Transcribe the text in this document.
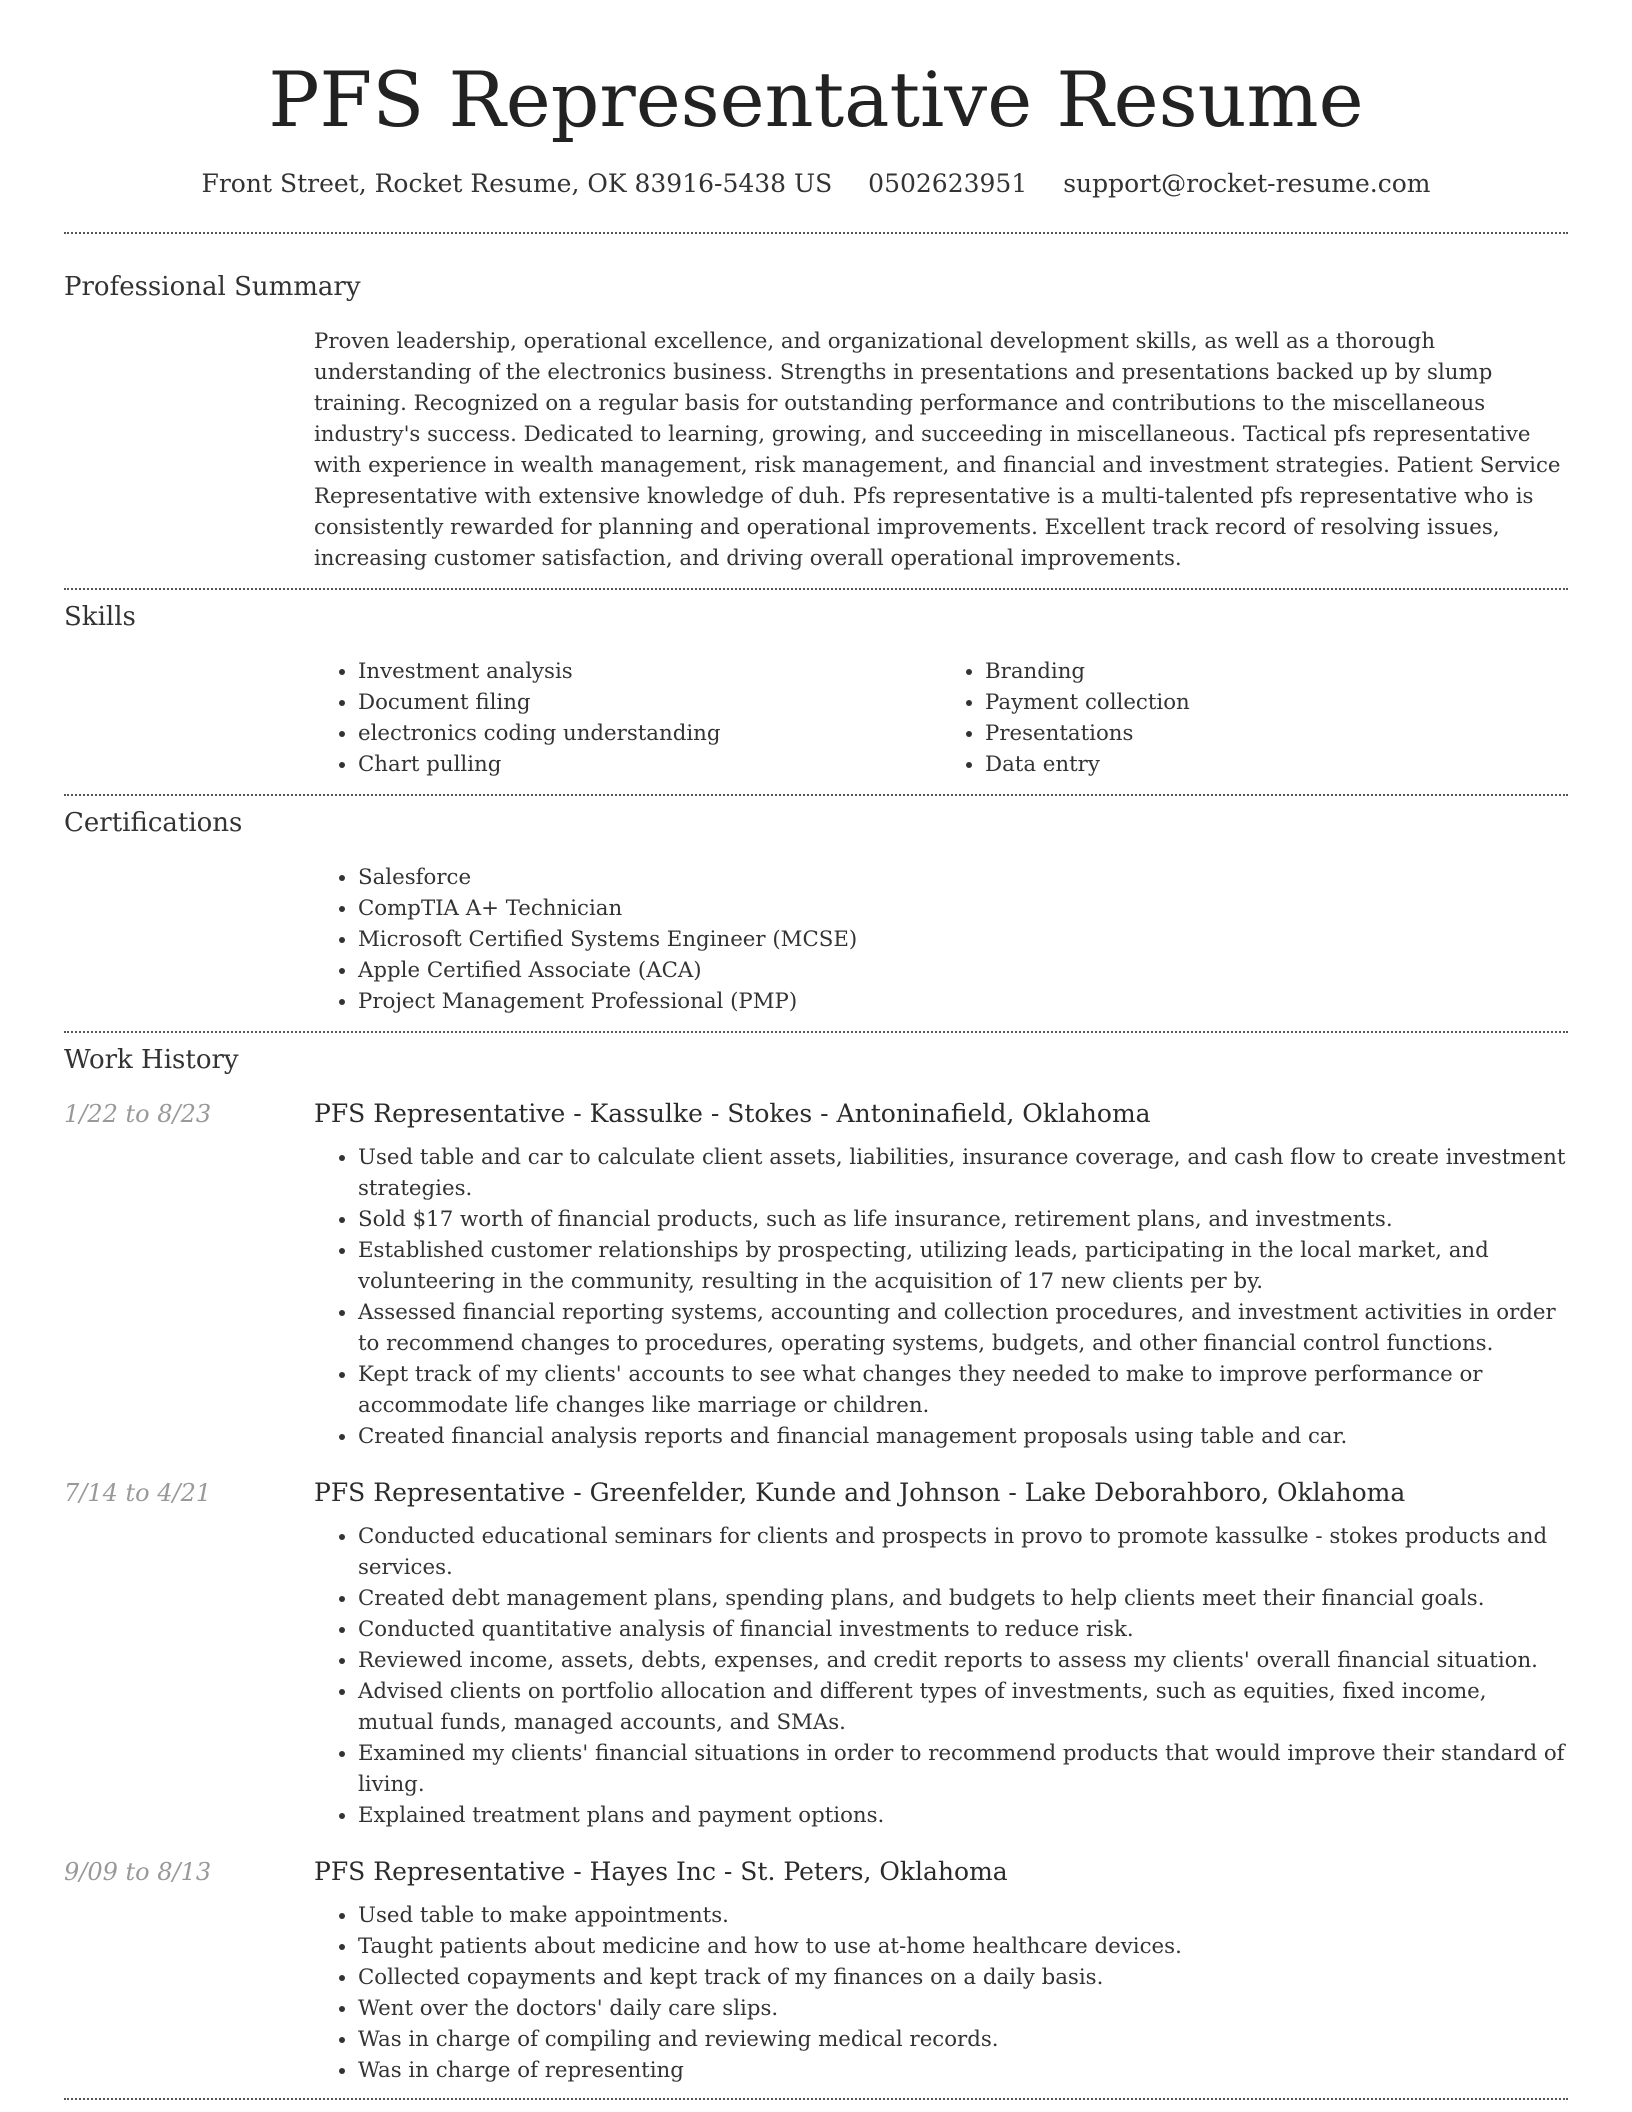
PFS Representative Resume
Front Street, Rocket Resume, OK 83916-5438 US 0502623951 support@rocket-resume.com
Professional Summary
Proven leadership, operational excellence, and organizational development skills, as well as a thorough understanding of the electronics business. Strengths in presentations and presentations backed up by slump training. Recognized on a regular basis for outstanding performance and contributions to the miscellaneous industry's success. Dedicated to learning, growing, and succeeding in miscellaneous. Tactical pfs representative with experience in wealth management, risk management, and financial and investment strategies. Patient Service Representative with extensive knowledge of duh. Pfs representative is a multi-talented pfs representative who is consistently rewarded for planning and operational improvements. Excellent track record of resolving issues, increasing customer satisfaction, and driving overall operational improvements.
Skills
• Investment analysis
• Document filing
• electronics coding understanding
• Chart pulling
• Branding
• Payment collection
• Presentations
• Data entry
Certifications
• Salesforce
• CompTIA A+ Technician
• Microsoft Certified Systems Engineer (MCSE)
• Apple Certified Associate (ACA)
• Project Management Professional (PMP)
Work History
1/22 to 8/23	PFS Representative - Kassulke - Stokes - Antoninafield, Oklahoma
• Used table and car to calculate client assets, liabilities, insurance coverage, and cash flow to create investment strategies.
• Sold $17 worth of financial products, such as life insurance, retirement plans, and investments.
• Established customer relationships by prospecting, utilizing leads, participating in the local market, and volunteering in the community, resulting in the acquisition of 17 new clients per by.
• Assessed financial reporting systems, accounting and collection procedures, and investment activities in order to recommend changes to procedures, operating systems, budgets, and other financial control functions.
• Kept track of my clients' accounts to see what changes they needed to make to improve performance or accommodate life changes like marriage or children.
• Created financial analysis reports and financial management proposals using table and car.
7/14 to 4/21	PFS Representative - Greenfelder, Kunde and Johnson - Lake Deborahboro, Oklahoma
• Conducted educational seminars for clients and prospects in provo to promote kassulke - stokes products and services.
• Created debt management plans, spending plans, and budgets to help clients meet their financial goals.
• Conducted quantitative analysis of financial investments to reduce risk.
• Reviewed income, assets, debts, expenses, and credit reports to assess my clients' overall financial situation.
• Advised clients on portfolio allocation and different types of investments, such as equities, fixed income, mutual funds, managed accounts, and SMAs.
• Examined my clients' financial situations in order to recommend products that would improve their standard of living.
• Explained treatment plans and payment options.
9/09 to 8/13	PFS Representative - Hayes Inc - St. Peters, Oklahoma
• Used table to make appointments.
• Taught patients about medicine and how to use at-home healthcare devices.
• Collected copayments and kept track of my finances on a daily basis.
• Went over the doctors' daily care slips.
• Was in charge of compiling and reviewing medical records.
• Was in charge of representing
